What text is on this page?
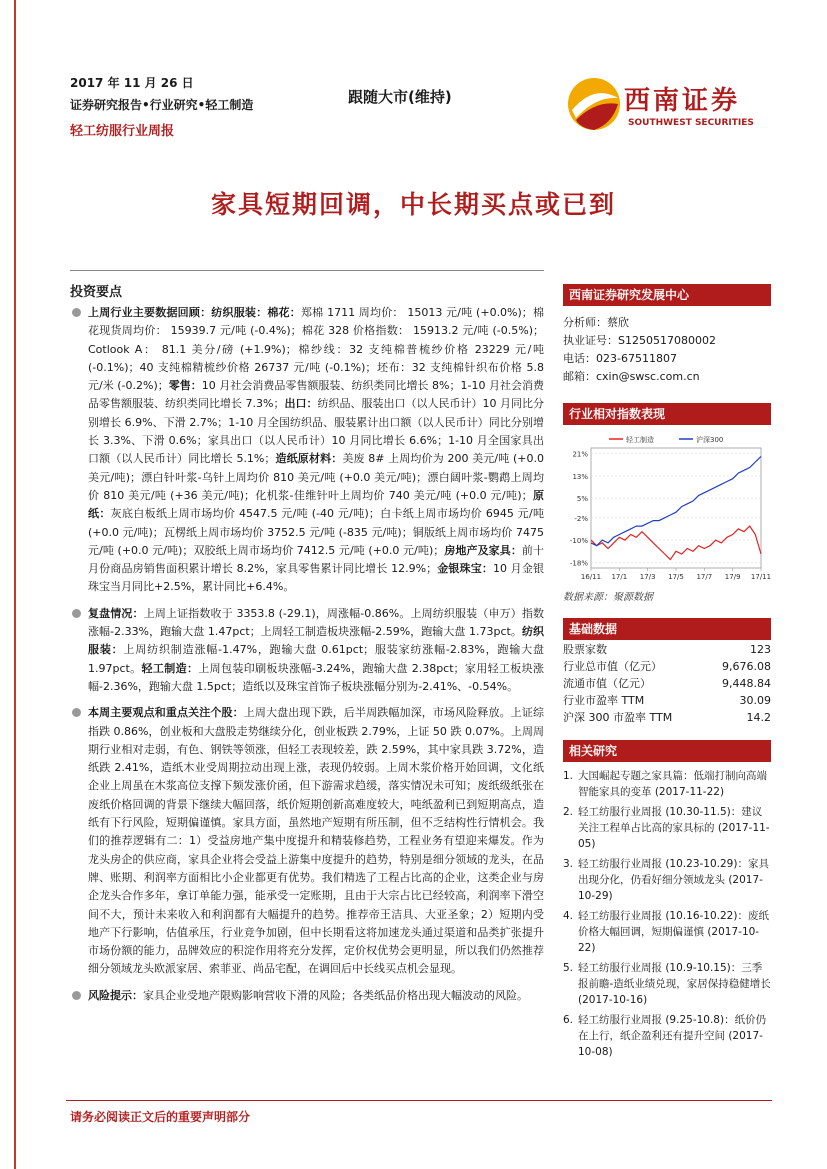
2017 年 11 月 26 日
证券研究报告•行业研究•轻工制造
轻工纺服行业周报
跟随大市(维持)	西南证券
SOUTHWEST SECURITIES
家具短期回调，中长期买点或已到
投资要点
上周行业主要数据回顾：纺织服装：棉花：郑棉 1711 周均价： 15013 元/吨 (+0.0%)；棉花现货周均价： 15939.7 元/吨 (-0.4%)；棉花 328 价格指数： 15913.2 元/吨 (-0.5%)；Cotlook A： 81.1 美分/磅 (+1.9%)；棉纱线：32 支纯棉普梳纱价格 23229 元/吨 (-0.1%)；40 支纯棉精梳纱价格 26737 元/吨 (-0.1%)；坯布：32 支纯棉针织布价格 5.8 元/米 (-0.2%)；零售：10 月社会消费品零售额服装、纺织类同比增长 8%；1-10 月社会消费品零售额服装、纺织类同比增长 7.3%；出口：纺织品、服装出口（以人民币计）10 月同比分别增长 6.9%、下滑 2.7%；1-10 月全国纺织品、服装累计出口额（以人民币计）同比分别增长 3.3%、下滑 0.6%；家具出口（以人民币计）10 月同比增长 6.6%；1-10 月全国家具出口额（以人民币计）同比增长 5.1%；造纸原材料：美废 8# 上周均价为 200 美元/吨 (+0.0 美元/吨)；漂白针叶浆-乌针上周均价 810 美元/吨 (+0.0 美元/吨)；漂白阔叶浆-鹦鹉上周均价 810 美元/吨 (+36 美元/吨)；化机浆-佳维针叶上周均价 740 美元/吨 (+0.0 元/吨)；原纸：灰底白板纸上周市场均价 4547.5 元/吨 (-40 元/吨)；白卡纸上周市场均价 6945 元/吨 (+0.0 元/吨)；瓦楞纸上周市场均价 3752.5 元/吨 (-835 元/吨)；铜版纸上周市场均价 7475 元/吨 (+0.0 元/吨)；双胶纸上周市场均价 7412.5 元/吨 (+0.0 元/吨)；房地产及家具：前十月份商品房销售面积累计增长 8.2%，家具零售累计同比增长 12.9%；金银珠宝：10 月金银珠宝当月同比+2.5%，累计同比+6.4%。
复盘情况：上周上证指数收于 3353.8 (-29.1)，周涨幅-0.86%。上周纺织服装（申万）指数涨幅-2.33%，跑输大盘 1.47pct；上周轻工制造板块涨幅-2.59%，跑输大盘 1.73pct。纺织服装：上周纺织制造涨幅-1.47%，跑输大盘 0.61pct；服装家纺涨幅-2.83%，跑输大盘 1.97pct。轻工制造：上周包装印刷板块涨幅-3.24%，跑输大盘 2.38pct；家用轻工板块涨幅-2.36%，跑输大盘 1.5pct；造纸以及珠宝首饰子板块涨幅分别为-2.41%、-0.54%。
本周主要观点和重点关注个股：上周大盘出现下跌，后半周跌幅加深，市场风险释放。上证综指跌 0.86%，创业板和大盘股走势继续分化，创业板跌 2.79%，上证 50 跌 0.07%。上周周期行业相对走弱，有色、钢铁等领涨，但轻工表现较差，跌 2.59%，其中家具跌 3.72%，造纸跌 2.41%，造纸木业受周期拉动出现上涨，表现仍较弱。上周木浆价格开始回调，文化纸企业上周虽在木浆高位支撑下频发涨价函，但下游需求趋缓，落实情况未可知；废纸级纸张在废纸价格回调的背景下继续大幅回落，纸价短期创新高难度较大，吨纸盈利已到短期高点，造纸有下行风险，短期偏谨慎。家具方面，虽然地产短期有所压制，但不乏结构性行情机会。我们的推荐逻辑有二：1）受益房地产集中度提升和精装修趋势，工程业务有望迎来爆发。作为龙头房企的供应商，家具企业将会受益上游集中度提升的趋势，特别是细分领域的龙头，在品牌、账期、利润率方面相比小企业都更有优势。我们精选了工程占比高的企业，这类企业与房企龙头合作多年，拿订单能力强，能承受一定账期，且由于大宗占比已经较高，利润率下滑空间不大，预计未来收入和利润都有大幅提升的趋势。推荐帝王洁具、大亚圣象；2）短期内受地产下行影响，估值承压，行业竞争加剧，但中长期看这将加速龙头通过渠道和品类扩张提升市场份额的能力，品牌效应的积淀作用将充分发挥，定价权优势会更明显，所以我们仍然推荐细分领域龙头欧派家居、索菲亚、尚品宅配，在调回后中长线买点机会显现。
风险提示：家具企业受地产限购影响营收下滑的风险；各类纸品价格出现大幅波动的风险。
西南证券研究发展中心
分析师：蔡欣
执业证号：S1250517080002
电话：023-67511807
邮箱：cxin@swsc.com.cn
行业相对指数表现
轻工制造	沪深300
21%
13%
5%
-2%
-10%
-18%
16/11 17/1 17/3 17/5 17/7 17/9 17/11
数据来源：聚源数据
基础数据
股票家数	123
行业总市值（亿元）	9,676.08
流通市值（亿元）	9,448.84
行业市盈率 TTM	30.09
沪深 300 市盈率 TTM	14.2
相关研究
1. 大国崛起专题之家具篇：低端打制向高端智能家具的变革 (2017-11-22)
2. 轻工纺服行业周报 (10.30-11.5)：建议关注工程单占比高的家具标的 (2017-11-05)
3. 轻工纺服行业周报 (10.23-10.29)：家具出现分化，仍看好细分领域龙头 (2017-10-29)
4. 轻工纺服行业周报 (10.16-10.22)：废纸价格大幅回调，短期偏谨慎 (2017-10-22)
5. 轻工纺服行业周报 (10.9-10.15)：三季报前瞻-造纸业绩兑现，家居保持稳健增长 (2017-10-16)
6. 轻工纺服行业周报 (9.25-10.8)：纸价仍在上行，纸企盈利还有提升空间 (2017-10-08)
请务必阅读正文后的重要声明部分
